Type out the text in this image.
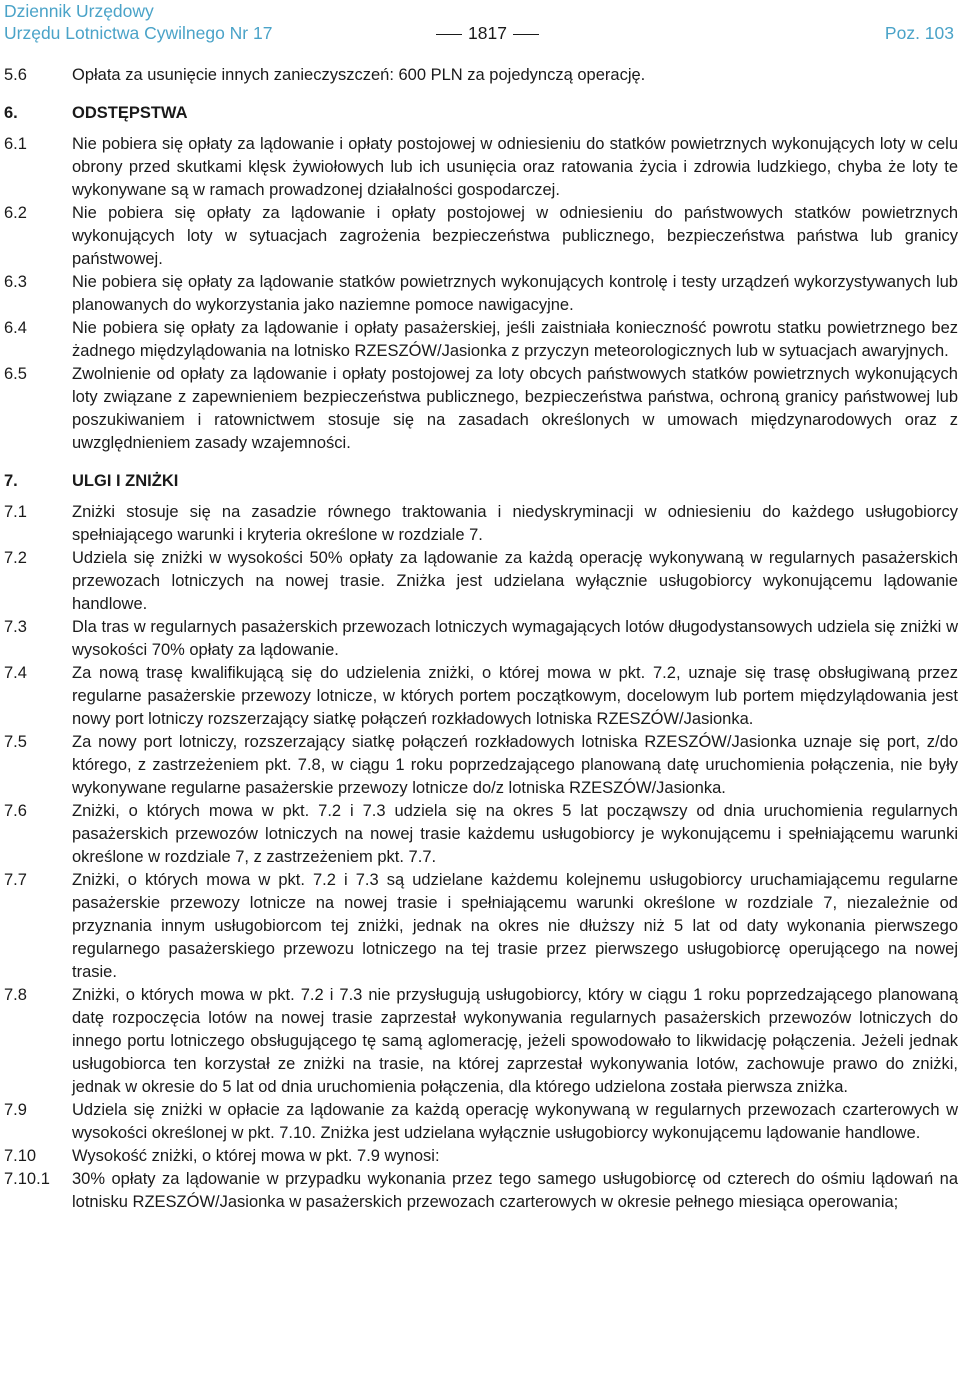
Dziennik Urzędowy
Urzędu Lotnictwa Cywilnego Nr 17	1817	Poz. 103
5.6	Opłata za usunięcie innych zanieczyszczeń: 600 PLN za pojedynczą operację.
6.	ODSTĘPSTWA
6.1	Nie pobiera się opłaty za lądowanie i opłaty postojowej w odniesieniu do statków powietrznych wykonujących loty w celu obrony przed skutkami klęsk żywiołowych lub ich usunięcia oraz ratowania życia i zdrowia ludzkiego, chyba że loty te wykonywane są w ramach prowadzonej działalności gospodarczej.
6.2	Nie pobiera się opłaty za lądowanie i opłaty postojowej w odniesieniu do państwowych statków powietrznych wykonujących loty w sytuacjach zagrożenia bezpieczeństwa publicznego, bezpieczeństwa państwa lub granicy państwowej.
6.3	Nie pobiera się opłaty za lądowanie statków powietrznych wykonujących kontrolę i testy urządzeń wykorzystywanych lub planowanych do wykorzystania jako naziemne pomoce nawigacyjne.
6.4	Nie pobiera się opłaty za lądowanie i opłaty pasażerskiej, jeśli zaistniała konieczność powrotu statku powietrznego bez żadnego międzylądowania na lotnisko RZESZÓW/Jasionka z przyczyn meteorologicznych lub w sytuacjach awaryjnych.
6.5	Zwolnienie od opłaty za lądowanie i opłaty postojowej za loty obcych państwowych statków powietrznych wykonujących loty związane z zapewnieniem bezpieczeństwa publicznego, bezpieczeństwa państwa, ochroną granicy państwowej lub poszukiwaniem i ratownictwem stosuje się na zasadach określonych w umowach międzynarodowych oraz z uwzględnieniem zasady wzajemności.
7.	ULGI I ZNIŻKI
7.1	Zniżki stosuje się na zasadzie równego traktowania i niedyskryminacji w odniesieniu do każdego usługobiorcy spełniającego warunki i kryteria określone w rozdziale 7.
7.2	Udziela się zniżki w wysokości 50% opłaty za lądowanie za każdą operację wykonywaną w regularnych pasażerskich przewozach lotniczych na nowej trasie. Zniżka jest udzielana wyłącznie usługobiorcy wykonującemu lądowanie handlowe.
7.3	Dla tras w regularnych pasażerskich przewozach lotniczych wymagających lotów długodystansowych udziela się zniżki w wysokości 70% opłaty za lądowanie.
7.4	Za nową trasę kwalifikującą się do udzielenia zniżki, o której mowa w pkt. 7.2, uznaje się trasę obsługiwaną przez regularne pasażerskie przewozy lotnicze, w których portem początkowym, docelowym lub portem międzylądowania jest nowy port lotniczy rozszerzający siatkę połączeń rozkładowych lotniska RZESZÓW/Jasionka.
7.5	Za nowy port lotniczy, rozszerzający siatkę połączeń rozkładowych lotniska RZESZÓW/Jasionka uznaje się port, z/do którego, z zastrzeżeniem pkt. 7.8, w ciągu 1 roku poprzedzającego planowaną datę uruchomienia połączenia, nie były wykonywane regularne pasażerskie przewozy lotnicze do/z lotniska RZESZÓW/Jasionka.
7.6	Zniżki, o których mowa w pkt. 7.2 i 7.3 udziela się na okres 5 lat począwszy od dnia uruchomienia regularnych pasażerskich przewozów lotniczych na nowej trasie każdemu usługobiorcy je wykonującemu i spełniającemu warunki określone w rozdziale 7, z zastrzeżeniem pkt. 7.7.
7.7	Zniżki, o których mowa w pkt. 7.2 i 7.3 są udzielane każdemu kolejnemu usługobiorcy uruchamiającemu regularne pasażerskie przewozy lotnicze na nowej trasie i spełniającemu warunki określone w rozdziale 7, niezależnie od przyznania innym usługobiorcom tej zniżki, jednak na okres nie dłuższy niż 5 lat od daty wykonania pierwszego regularnego pasażerskiego przewozu lotniczego na tej trasie przez pierwszego usługobiorcę operującego na nowej trasie.
7.8	Zniżki, o których mowa w pkt. 7.2 i 7.3 nie przysługują usługobiorcy, który w ciągu 1 roku poprzedzającego planowaną datę rozpoczęcia lotów na nowej trasie zaprzestał wykonywania regularnych pasażerskich przewozów lotniczych do innego portu lotniczego obsługującego tę samą aglomerację, jeżeli spowodowało to likwidację połączenia. Jeżeli jednak usługobiorca ten korzystał ze zniżki na trasie, na której zaprzestał wykonywania lotów, zachowuje prawo do zniżki, jednak w okresie do 5 lat od dnia uruchomienia połączenia, dla którego udzielona została pierwsza zniżka.
7.9	Udziela się zniżki w opłacie za lądowanie za każdą operację wykonywaną w regularnych przewozach czarterowych w wysokości określonej w pkt. 7.10. Zniżka jest udzielana wyłącznie usługobiorcy wykonującemu lądowanie handlowe.
7.10	Wysokość zniżki, o której mowa w pkt. 7.9 wynosi:
7.10.1	30% opłaty za lądowanie w przypadku wykonania przez tego samego usługobiorcę od czterech do ośmiu lądowań na lotnisku RZESZÓW/Jasionka w pasażerskich przewozach czarterowych w okresie pełnego miesiąca operowania;
